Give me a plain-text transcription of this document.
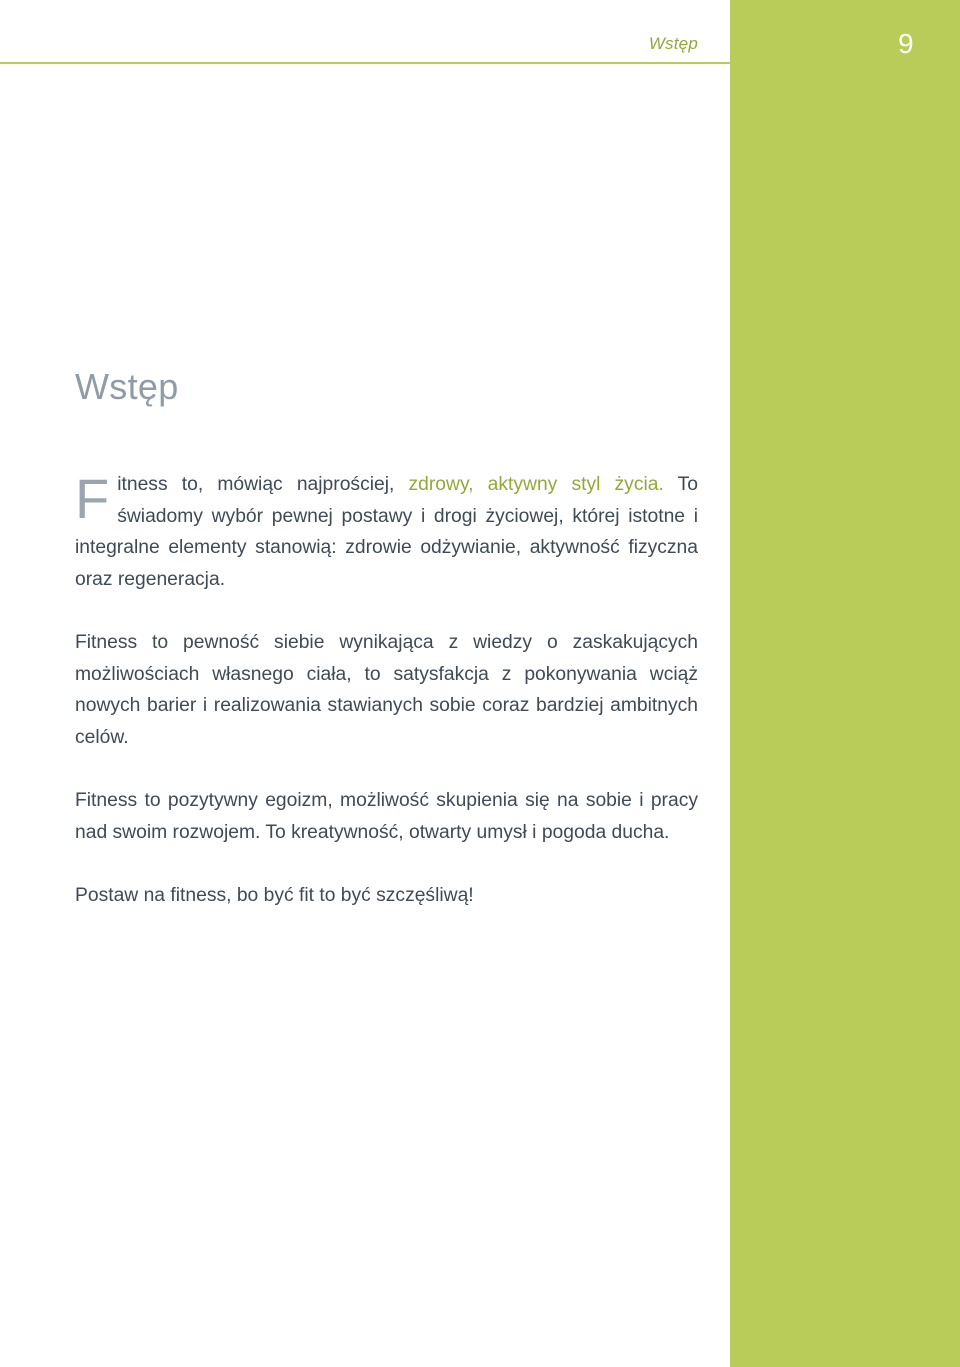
Wstęp	9
Wstęp

Fitness to, mówiąc najprościej, zdrowy, aktywny styl życia. To świadomy wybór pewnej postawy i drogi życiowej, której istotne i integralne elementy stanowią: zdrowie odżywianie, aktywność fizyczna oraz regeneracja.

Fitness to pewność siebie wynikająca z wiedzy o zaskakujących możliwościach własnego ciała, to satysfakcja z pokonywania wciąż nowych barier i realizowania stawianych sobie coraz bardziej ambitnych celów.

Fitness to pozytywny egoizm, możliwość skupienia się na sobie i pracy nad swoim rozwojem. To kreatywność, otwarty umysł i pogoda ducha.

Postaw na fitness, bo być fit to być szczęśliwą!
